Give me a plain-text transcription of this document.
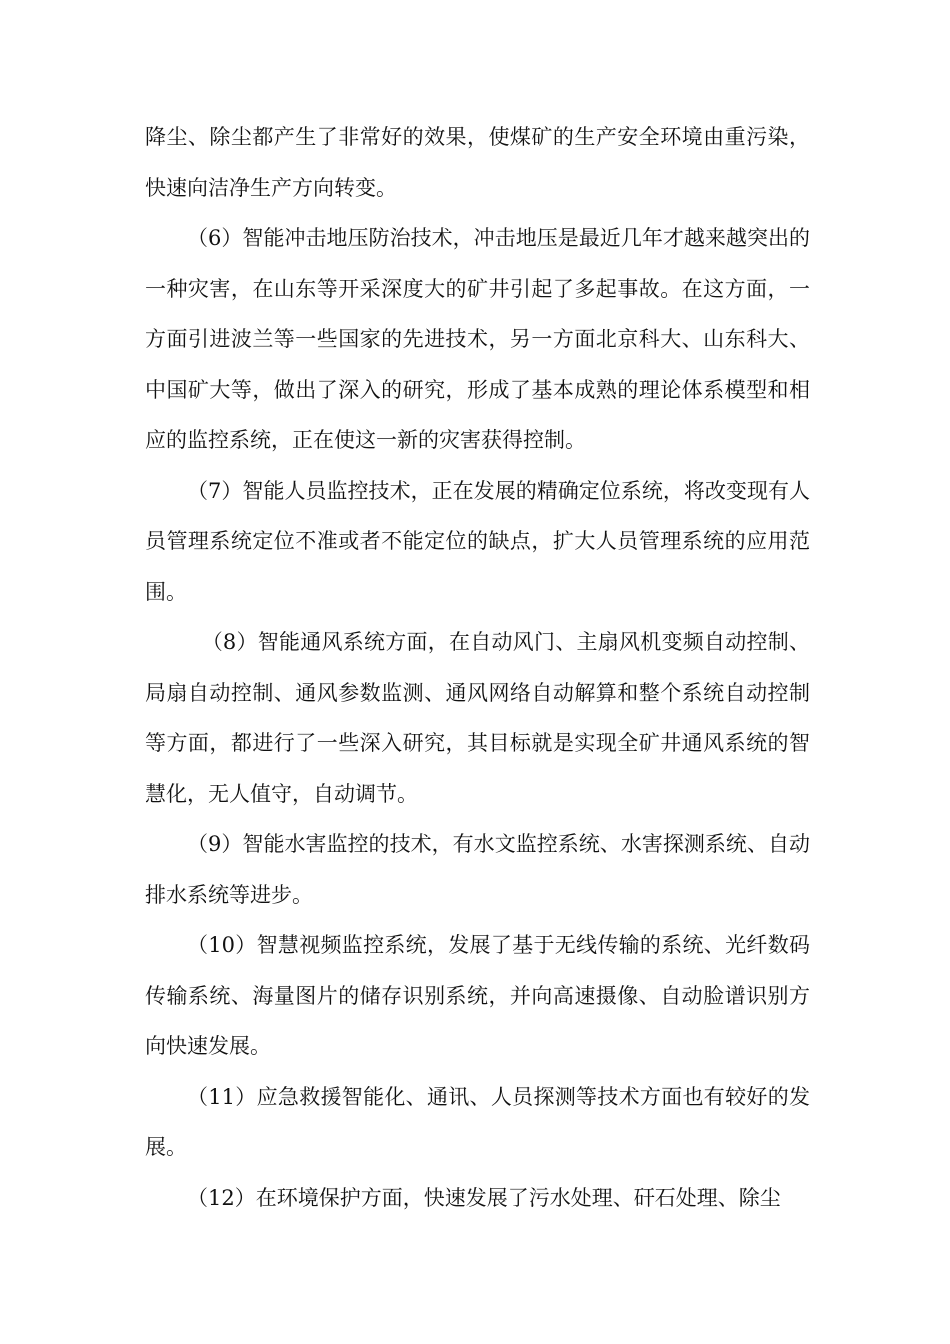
降尘、除尘都产生了非常好的效果，使煤矿的生产安全环境由重污染，快速向洁净生产方向转变。

（6）智能冲击地压防治技术，冲击地压是最近几年才越来越突出的一种灾害，在山东等开采深度大的矿井引起了多起事故。在这方面，一方面引进波兰等一些国家的先进技术，另一方面北京科大、山东科大、中国矿大等，做出了深入的研究，形成了基本成熟的理论体系模型和相应的监控系统，正在使这一新的灾害获得控制。

（7）智能人员监控技术，正在发展的精确定位系统，将改变现有人员管理系统定位不准或者不能定位的缺点，扩大人员管理系统的应用范围。

（8）智能通风系统方面，在自动风门、主扇风机变频自动控制、局扇自动控制、通风参数监测、通风网络自动解算和整个系统自动控制等方面，都进行了一些深入研究，其目标就是实现全矿井通风系统的智慧化，无人值守，自动调节。

（9）智能水害监控的技术，有水文监控系统、水害探测系统、自动排水系统等进步。

（10）智慧视频监控系统，发展了基于无线传输的系统、光纤数码传输系统、海量图片的储存识别系统，并向高速摄像、自动脸谱识别方向快速发展。

（11）应急救援智能化、通讯、人员探测等技术方面也有较好的发展。

（12）在环境保护方面，快速发展了污水处理、矸石处理、除尘
